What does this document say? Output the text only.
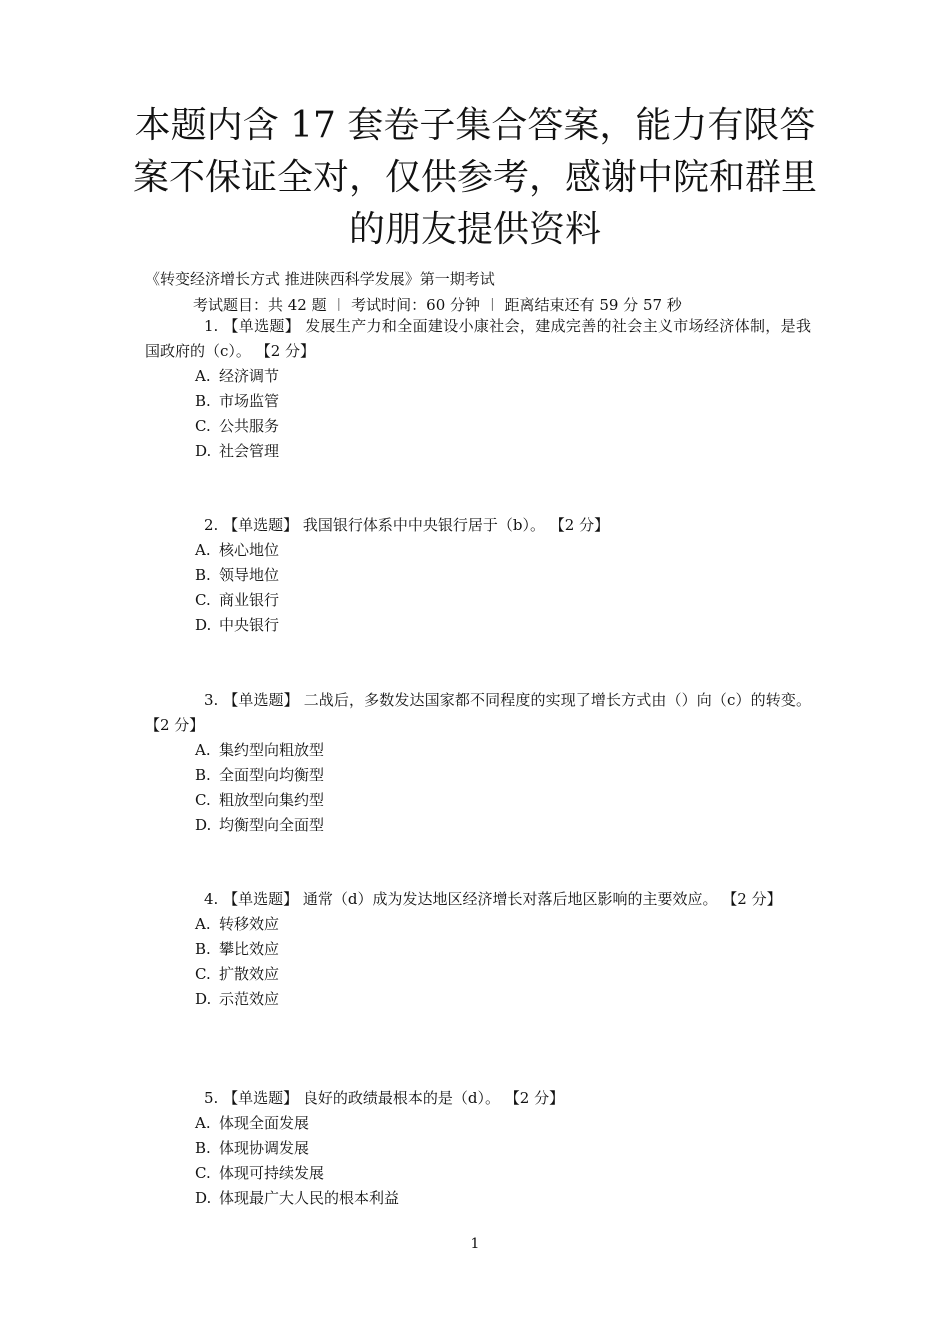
本题内含 17 套卷子集合答案，能力有限答
案不保证全对，仅供参考，感谢中院和群里
的朋友提供资料
《转变经济增长方式 推进陕西科学发展》第一期考试
考试题目：共 42 题 ︱ 考试时间：60 分钟 ︱ 距离结束还有 59 分 57 秒

1. 【单选题】 发展生产力和全面建设小康社会，建成完善的社会主义市场经济体制，是我国政府的（c）。 【2 分】

A. 经济调节
B. 市场监管
C. 公共服务
D. 社会管理

2. 【单选题】 我国银行体系中中央银行居于（b）。 【2 分】

A. 核心地位
B. 领导地位
C. 商业银行
D. 中央银行

3. 【单选题】 二战后，多数发达国家都不同程度的实现了增长方式由（）向（c）的转变。 【2 分】

A. 集约型向粗放型
B. 全面型向均衡型
C. 粗放型向集约型
D. 均衡型向全面型

4. 【单选题】 通常（d）成为发达地区经济增长对落后地区影响的主要效应。 【2 分】

A. 转移效应
B. 攀比效应
C. 扩散效应
D. 示范效应

5. 【单选题】 良好的政绩最根本的是（d）。 【2 分】

A. 体现全面发展
B. 体现协调发展
C. 体现可持续发展
D. 体现最广大人民的根本利益
1
